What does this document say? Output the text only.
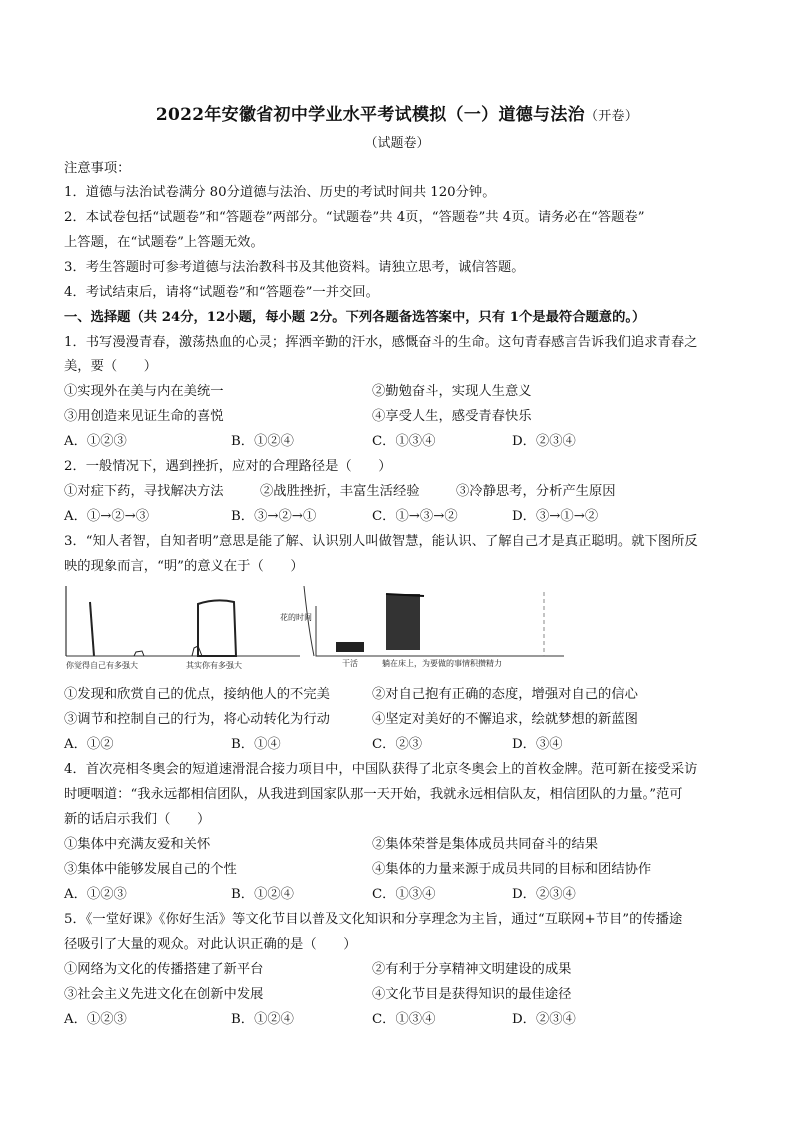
2022年安徽省初中学业水平考试模拟（一）道德与法治（开卷）
（试题卷）
注意事项：
1．道德与法治试卷满分 80分道德与法治、历史的考试时间共 120分钟。
2．本试卷包括“试题卷”和“答题卷”两部分。“试题卷”共 4页，“答题卷”共 4页。请务必在“答题卷”
上答题，在“试题卷”上答题无效。
3．考生答题时可参考道德与法治教科书及其他资料。请独立思考，诚信答题。
4．考试结束后，请将“试题卷”和“答题卷”一并交回。
一、选择题（共 24分，12小题，每小题 2分。下列各题备选答案中，只有 1个是最符合题意的。）
1．书写漫漫青春，激荡热血的心灵；挥洒辛勤的汗水，感慨奋斗的生命。这句青春感言告诉我们追求青春之
美，要（　　）
①实现外在美与内在美统一	②勤勉奋斗，实现人生意义
③用创造来见证生命的喜悦	④享受人生，感受青春快乐
A．①②③	B．①②④	C．①③④	D．②③④
2．一般情况下，遇到挫折，应对的合理路径是（　　）
①对症下药，寻找解决方法	②战胜挫折，丰富生活经验	③冷静思考，分析产生原因
A．①→②→③	B．③→②→①	C．①→③→②	D．③→①→②
3．“知人者智，自知者明”意思是能了解、认识别人叫做智慧，能认识、了解自己才是真正聪明。就下图所反
映的现象而言，“明”的意义在于（　　）
你觉得自己有多强大	其实你有多强大
花的时间
干活	躺在床上，为要做的事情积攒精力
①发现和欣赏自己的优点，接纳他人的不完美	②对自己抱有正确的态度，增强对自己的信心
③调节和控制自己的行为，将心动转化为行动	④坚定对美好的不懈追求，绘就梦想的新蓝图
A．①②	B．①④	C．②③	D．③④
4．首次亮相冬奥会的短道速滑混合接力项目中，中国队获得了北京冬奥会上的首枚金牌。范可新在接受采访
时哽咽道：“我永远都相信团队，从我进到国家队那一天开始，我就永远相信队友，相信团队的力量。”范可
新的话启示我们（　　）
①集体中充满友爱和关怀	②集体荣誉是集体成员共同奋斗的结果
③集体中能够发展自己的个性	④集体的力量来源于成员共同的目标和团结协作
A．①②③	B．①②④	C．①③④	D．②③④
5．《一堂好课》《你好生活》等文化节目以普及文化知识和分享理念为主旨，通过“互联网+节目”的传播途
径吸引了大量的观众。对此认识正确的是（　　）
①网络为文化的传播搭建了新平台	②有利于分享精神文明建设的成果
③社会主义先进文化在创新中发展	④文化节目是获得知识的最佳途径
A．①②③	B．①②④	C．①③④	D．②③④
